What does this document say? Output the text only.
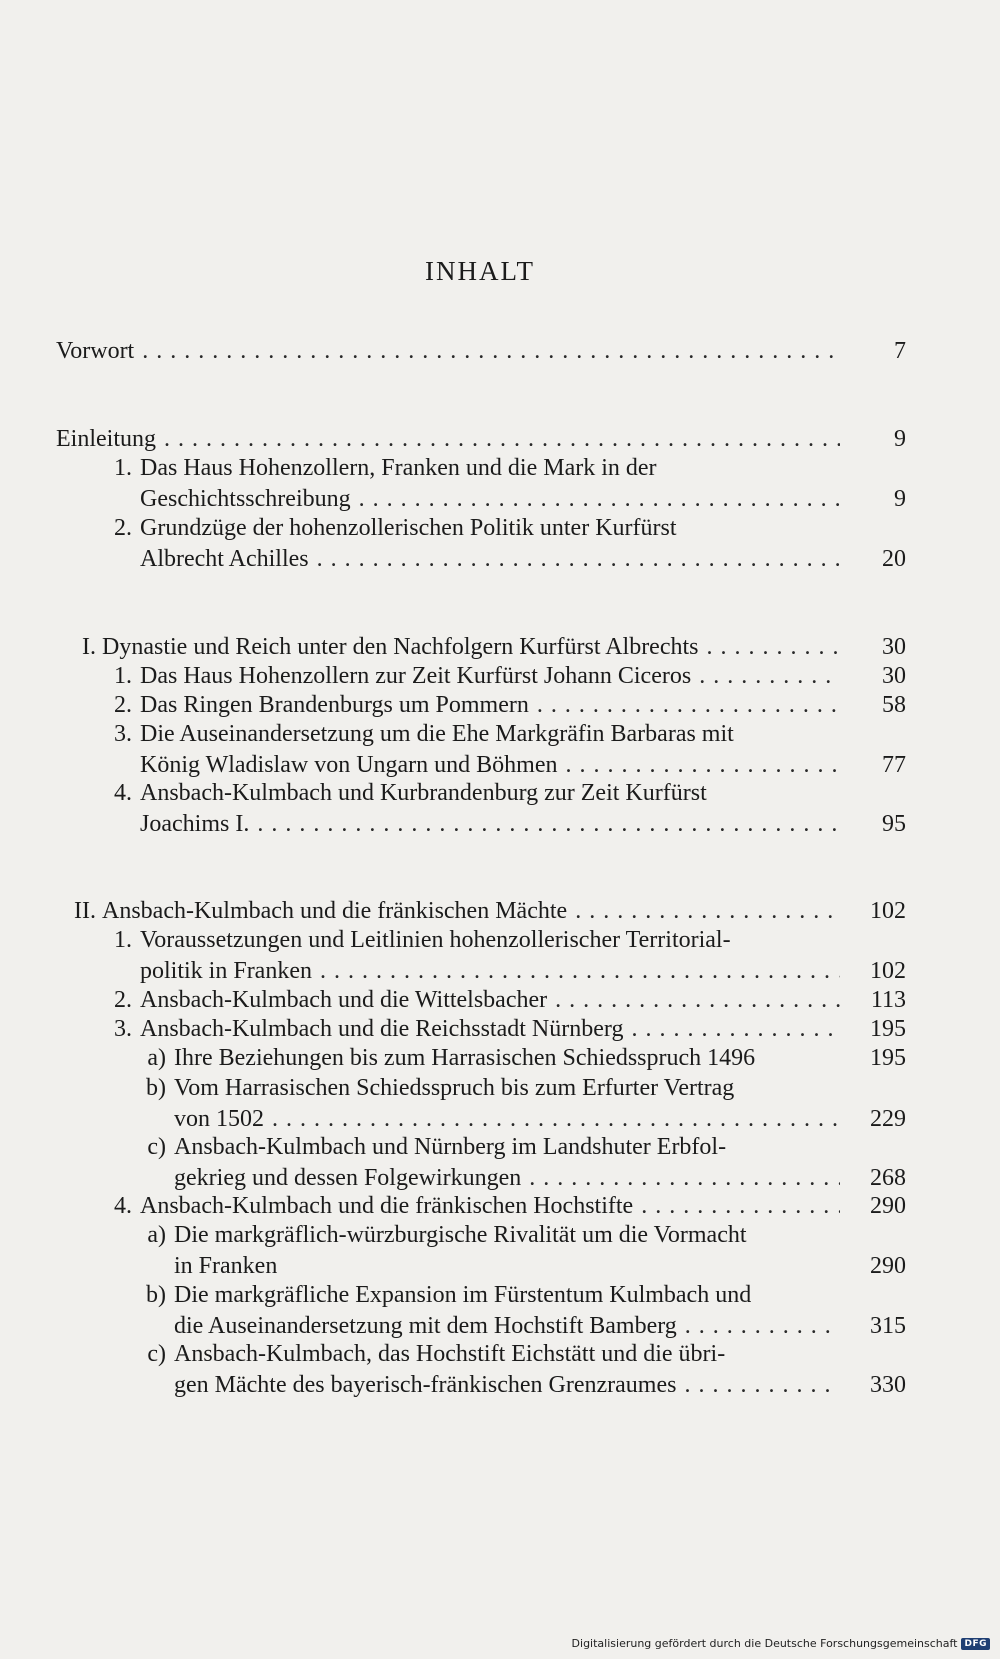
INHALT
Vorwort . . .	7
Einleitung . . .	9
1. Das Haus Hohenzollern, Franken und die Mark in der
Geschichtsschreibung . . .	9
2. Grundzüge der hohenzollerischen Politik unter Kurfürst
Albrecht Achilles . . .	20
I. Dynastie und Reich unter den Nachfolgern Kurfürst Albrechts . . .	30
1. Das Haus Hohenzollern zur Zeit Kurfürst Johann Ciceros . . .	30
2. Das Ringen Brandenburgs um Pommern . . .	58
3. Die Auseinandersetzung um die Ehe Markgräfin Barbaras mit
König Wladislaw von Ungarn und Böhmen . . .	77
4. Ansbach-Kulmbach und Kurbrandenburg zur Zeit Kurfürst
Joachims I. . . .	95
II. Ansbach-Kulmbach und die fränkischen Mächte . . .	102
1. Voraussetzungen und Leitlinien hohenzollerischer Territorial-
politik in Franken . . .	102
2. Ansbach-Kulmbach und die Wittelsbacher . . .	113
3. Ansbach-Kulmbach und die Reichsstadt Nürnberg . . .	195
a) Ihre Beziehungen bis zum Harrasischen Schiedsspruch 1496	195
b) Vom Harrasischen Schiedsspruch bis zum Erfurter Vertrag
von 1502 . . .	229
c) Ansbach-Kulmbach und Nürnberg im Landshuter Erbfol-
gekrieg und dessen Folgewirkungen . . .	268
4. Ansbach-Kulmbach und die fränkischen Hochstifte . . .	290
a) Die markgräflich-würzburgische Rivalität um die Vormacht
in Franken	290
b) Die markgräfliche Expansion im Fürstentum Kulmbach und
die Auseinandersetzung mit dem Hochstift Bamberg . . .	315
c) Ansbach-Kulmbach, das Hochstift Eichstätt und die übri-
gen Mächte des bayerisch-fränkischen Grenzraumes . . .	330
Digitalisierung gefördert durch die Deutsche Forschungsgemeinschaft DFG
